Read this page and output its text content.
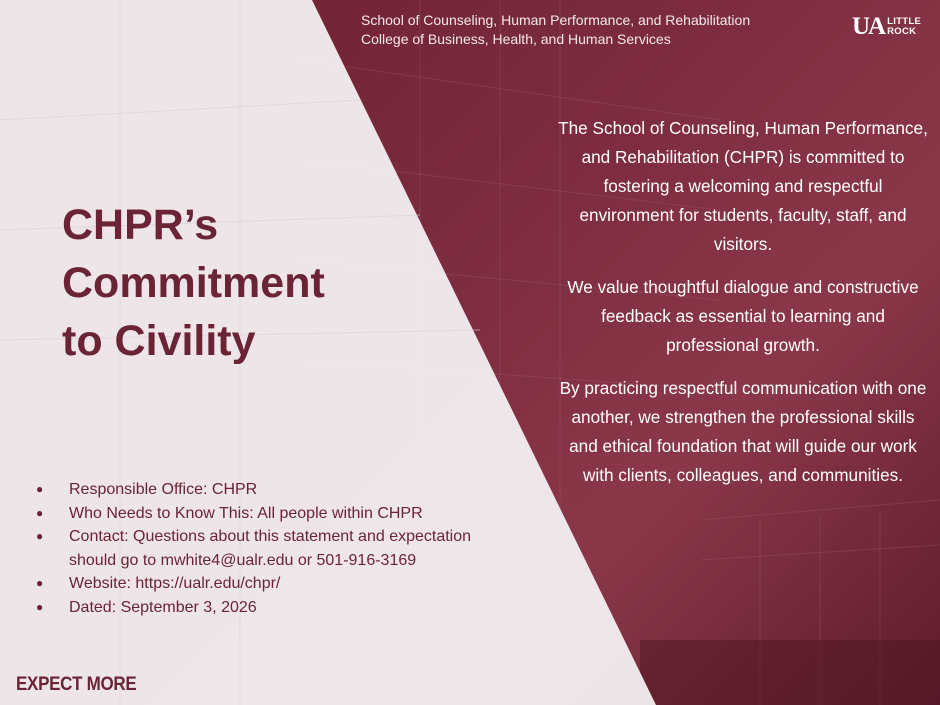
School of Counseling, Human Performance, and Rehabilitation
College of Business, Health, and Human Services	UA LITTLE
ROCK
CHPR’s
Commitment
to Civility

The School of Counseling, Human Performance, and Rehabilitation (CHPR) is committed to fostering a welcoming and respectful environment for students, faculty, staff, and visitors.

We value thoughtful dialogue and constructive feedback as essential to learning and professional growth.

By practicing respectful communication with one another, we strengthen the professional skills and ethical foundation that will guide our work with clients, colleagues, and communities.

● Responsible Office: CHPR
● Who Needs to Know This: All people within CHPR
● Contact: Questions about this statement and expectation should go to mwhite4@ualr.edu or 501-916-3169
● Website: https://ualr.edu/chpr/
● Dated: September 3, 2026
EXPECT MORE
